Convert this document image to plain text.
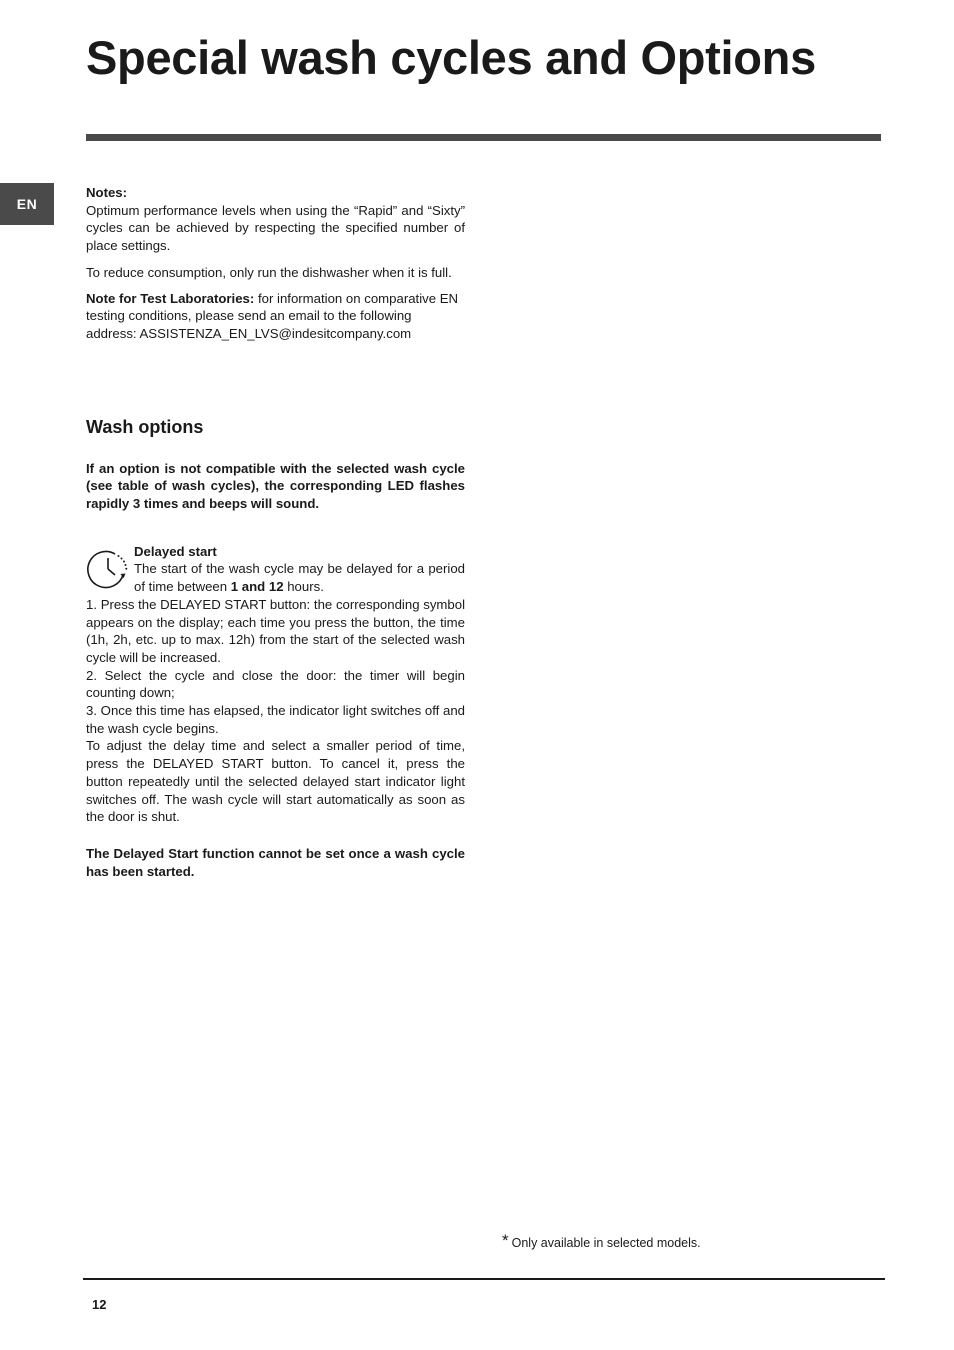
Special wash cycles and Options
EN

Notes:

Optimum performance levels when using the “Rapid” and “Sixty” cycles can be achieved by respecting the specified number of place settings.

To reduce consumption, only run the dishwasher when it is full.

Note for Test Laboratories: for information on comparative EN testing conditions, please send an email to the following address: ASSISTENZA_EN_LVS@indesitcompany.com

Wash options

If an option is not compatible with the selected wash cycle (see table of wash cycles), the corresponding LED flashes rapidly 3 times and beeps will sound.

Delayed start

The start of the wash cycle may be delayed for a period of time between 1 and 12 hours.

1. Press the DELAYED START button: the corresponding symbol appears on the display; each time you press the button, the time (1h, 2h, etc. up to max. 12h) from the start of the selected wash cycle will be increased.

2. Select the cycle and close the door: the timer will begin counting down;

3. Once this time has elapsed, the indicator light switches off and the wash cycle begins.

To adjust the delay time and select a smaller period of time, press the DELAYED START button. To cancel it, press the button repeatedly until the selected delayed start indicator light switches off. The wash cycle will start automatically as soon as the door is shut.

The Delayed Start function cannot be set once a wash cycle has been started.

* Only available in selected models.
12
